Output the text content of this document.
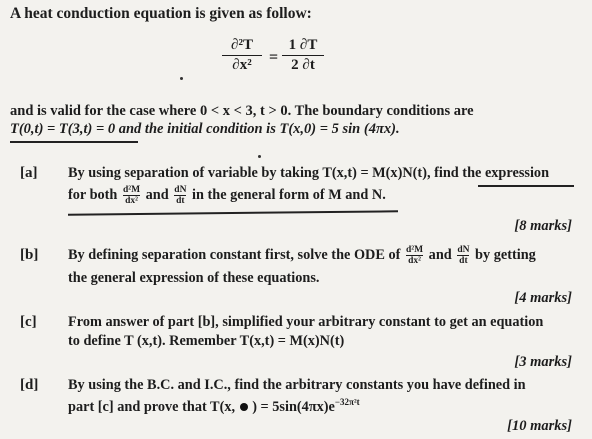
A heat conduction equation is given as follow:
$\frac{\text{∂²T}}{\text{∂x²}} = \frac{1 \partial T}{2 \partial t}$
and is valid for the case where 0 < x < 3, t > 0. The boundary conditions are
T(0,t) = T(3,t) = 0 and the initial condition is T(x,0) = 5 sin (4πx).
[a] By using separation of variable by taking T(x,t) = M(x)N(t), find the expression
for both $\frac{\text{d²M}}{\text{dx²}}$ and $\frac{dN}{dt}$ in the general form of M and N.
[8 marks]
[b] By defining separation constant first, solve the ODE of $\frac{\text{d²M}}{\text{dx²}}$ and $\frac{dN}{dt}$ by getting
the general expression of these equations.
[4 marks]
[c] From answer of part [b], simplified your arbitrary constant to get an equation
to define T (x,t). Remember T(x,t) = M(x)N(t)
[3 marks]
[d] By using the B.C. and I.C., find the arbitrary constants you have defined in
part [c] and prove that T(x, ) = $5\sin(4\pi x)e^{-32\pi^2t}$
[10 marks]
